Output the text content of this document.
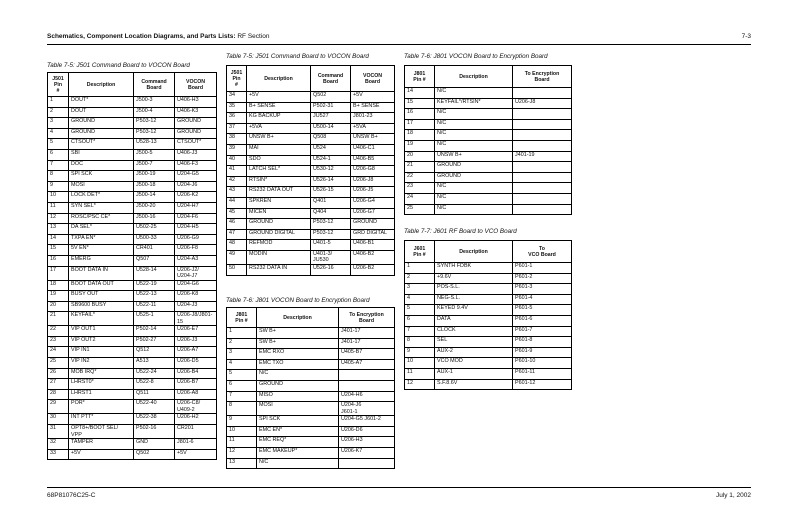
Schematics, Component Location Diagrams, and Parts Lists: RF Section	7-3
Table 7-5: J501 Command Board to VOCON Board
J501
Pin
#	Description	Command
Board	VOCON
Board
1	DOUT*	J500-3	U406-H3
2	DOUT	J500-4	U406-K3
3	GROUND	P503-12	GROUND
4	GROUND	P503-12	GROUND
5	CTSOUT*	U528-13	CTSOUT*
6	SBI	J500-5	U406-J3
7	DOC	J500-7	U406-F3
8	SPI SCK	J500-19	U204-G5
9	MOSI	J500-18	U204-J6
10	LOCK DET*	J500-14	U206-K2
11	SYN SEL*	J500-20	U204-H7
12	ROSC/PSC CE*	J500-16	U204-F6
13	DA SEL*	U502-25	U204-H5
14	TXPA EN*	U500-33	U206-G9
15	5V EN*	CR401	U206-F8
16	EMERG	Q507	U204-A3
17	BOOT DATA IN	U528-14	U206-J2/
U204-J7
18	BOOT DATA OUT	U522-19	U204-G6
19	BUSY OUT	U522-13	U206-K8
20	SB9600 BUSY	U522-11	U204-J3
21	KEYFAIL*	U525-1	U206-J8/J801-
15
22	VIP OUT1	P502-14	U206-E7
23	VIP OUT2	P502-27	U206-J3
24	VIP IN1	Q512	U206-A7
25	VIP IN2	A513	U206-D5
26	MOB IRQ*	U522-24	U206-B4
27	LHRST0*	U522-8	U206-B7
28	LHRST1	Q511	U206-A8
29	POR*	U522-40	U206-C8/
U409-2
30	INT PTT*	U522-38	U206-H2
31	OPT8+/BOOT SEL/
VPP	P502-16	CR201
32	TAMPER	GND	J801-6
33	+5V	Q502	+5V
Table 7-5: J501 Command Board to VOCON Board
J501
Pin
#	Description	Command
Board	VOCON
Board
34	+5V	Q502	+5V
35	B+ SENSE	P502-31	B+ SENSE
36	KG BACKUP	JU527	J801-23
37	+5VA	U500-14	+5VA
38	UNSW B+	Q508	UNSW B+
39	MAI	U524	U406-C1
40	SDO	U524-1	U406-B5
41	LATCH SEL*	U530-12	U206-G8
42	RTSIN*	U526-14	U206-J8
43	RS232 DATA OUT	U526-15	U206-J5
44	SPKREN	Q401	U206-G4
45	MICEN	Q404	U206-G7
46	GROUND	P503-12	GROUND
47	GROUND DIGITAL	P503-12	GRD DIGITAL
48	REFMOD	U401-5	U406-B1
49	MODIN	U401-3/
JU530	U406-B2
50	RS232 DATA IN	U526-16	U206-B2
Table 7-6: J801 VOCON Board to Encryption Board
J801
Pin #	Description	To Encryption
Board
1	SW B+	J401-17
2	SW B+	J401-17
3	EMC RXO	U405-B7
4	EMC TXO	U405-A7
5	N/C	
6	GROUND	
7	MISO	U204-H6
8	MOSI	U204-J6
J601-1
9	SPI SCK	U204-G5 J601-2
10	EMC EN*	U206-D6
11	EMC REQ*	U206-H3
12	EMC MAKEUP*	U206-K7
13	N/C	
Table 7-6: J801 VOCON Board to Encryption Board
J801
Pin #	Description	To Encryption
Board
14	N/C	
15	KEYFAIL*/RTSIN*	U206-J8
16	N/C	
17	N/C	
18	N/C	
19	N/C	
20	UNSW B+	J401-19
21	GROUND	
22	GROUND	
23	N/C	
24	N/C	
25	N/C	
Table 7-7: J601 RF Board to VCO Board
J601
Pin #	Description	To
VCO Board
1	SYNTH FDBK	P601-1
2	+9.6V	P601-2
3	POS-S.L.	P601-3
4	NEG-S.L.	P601-4
5	KEYED 9.4V	P601-5
6	DATA	P601-6
7	CLOCK	P601-7
8	SEL	P601-8
9	AUX-2	P601-9
10	VCO MOD	P601-10
11	AUX-1	P601-11
12	S.F.8.6V	P601-12
68P81076C25-C	July 1, 2002
